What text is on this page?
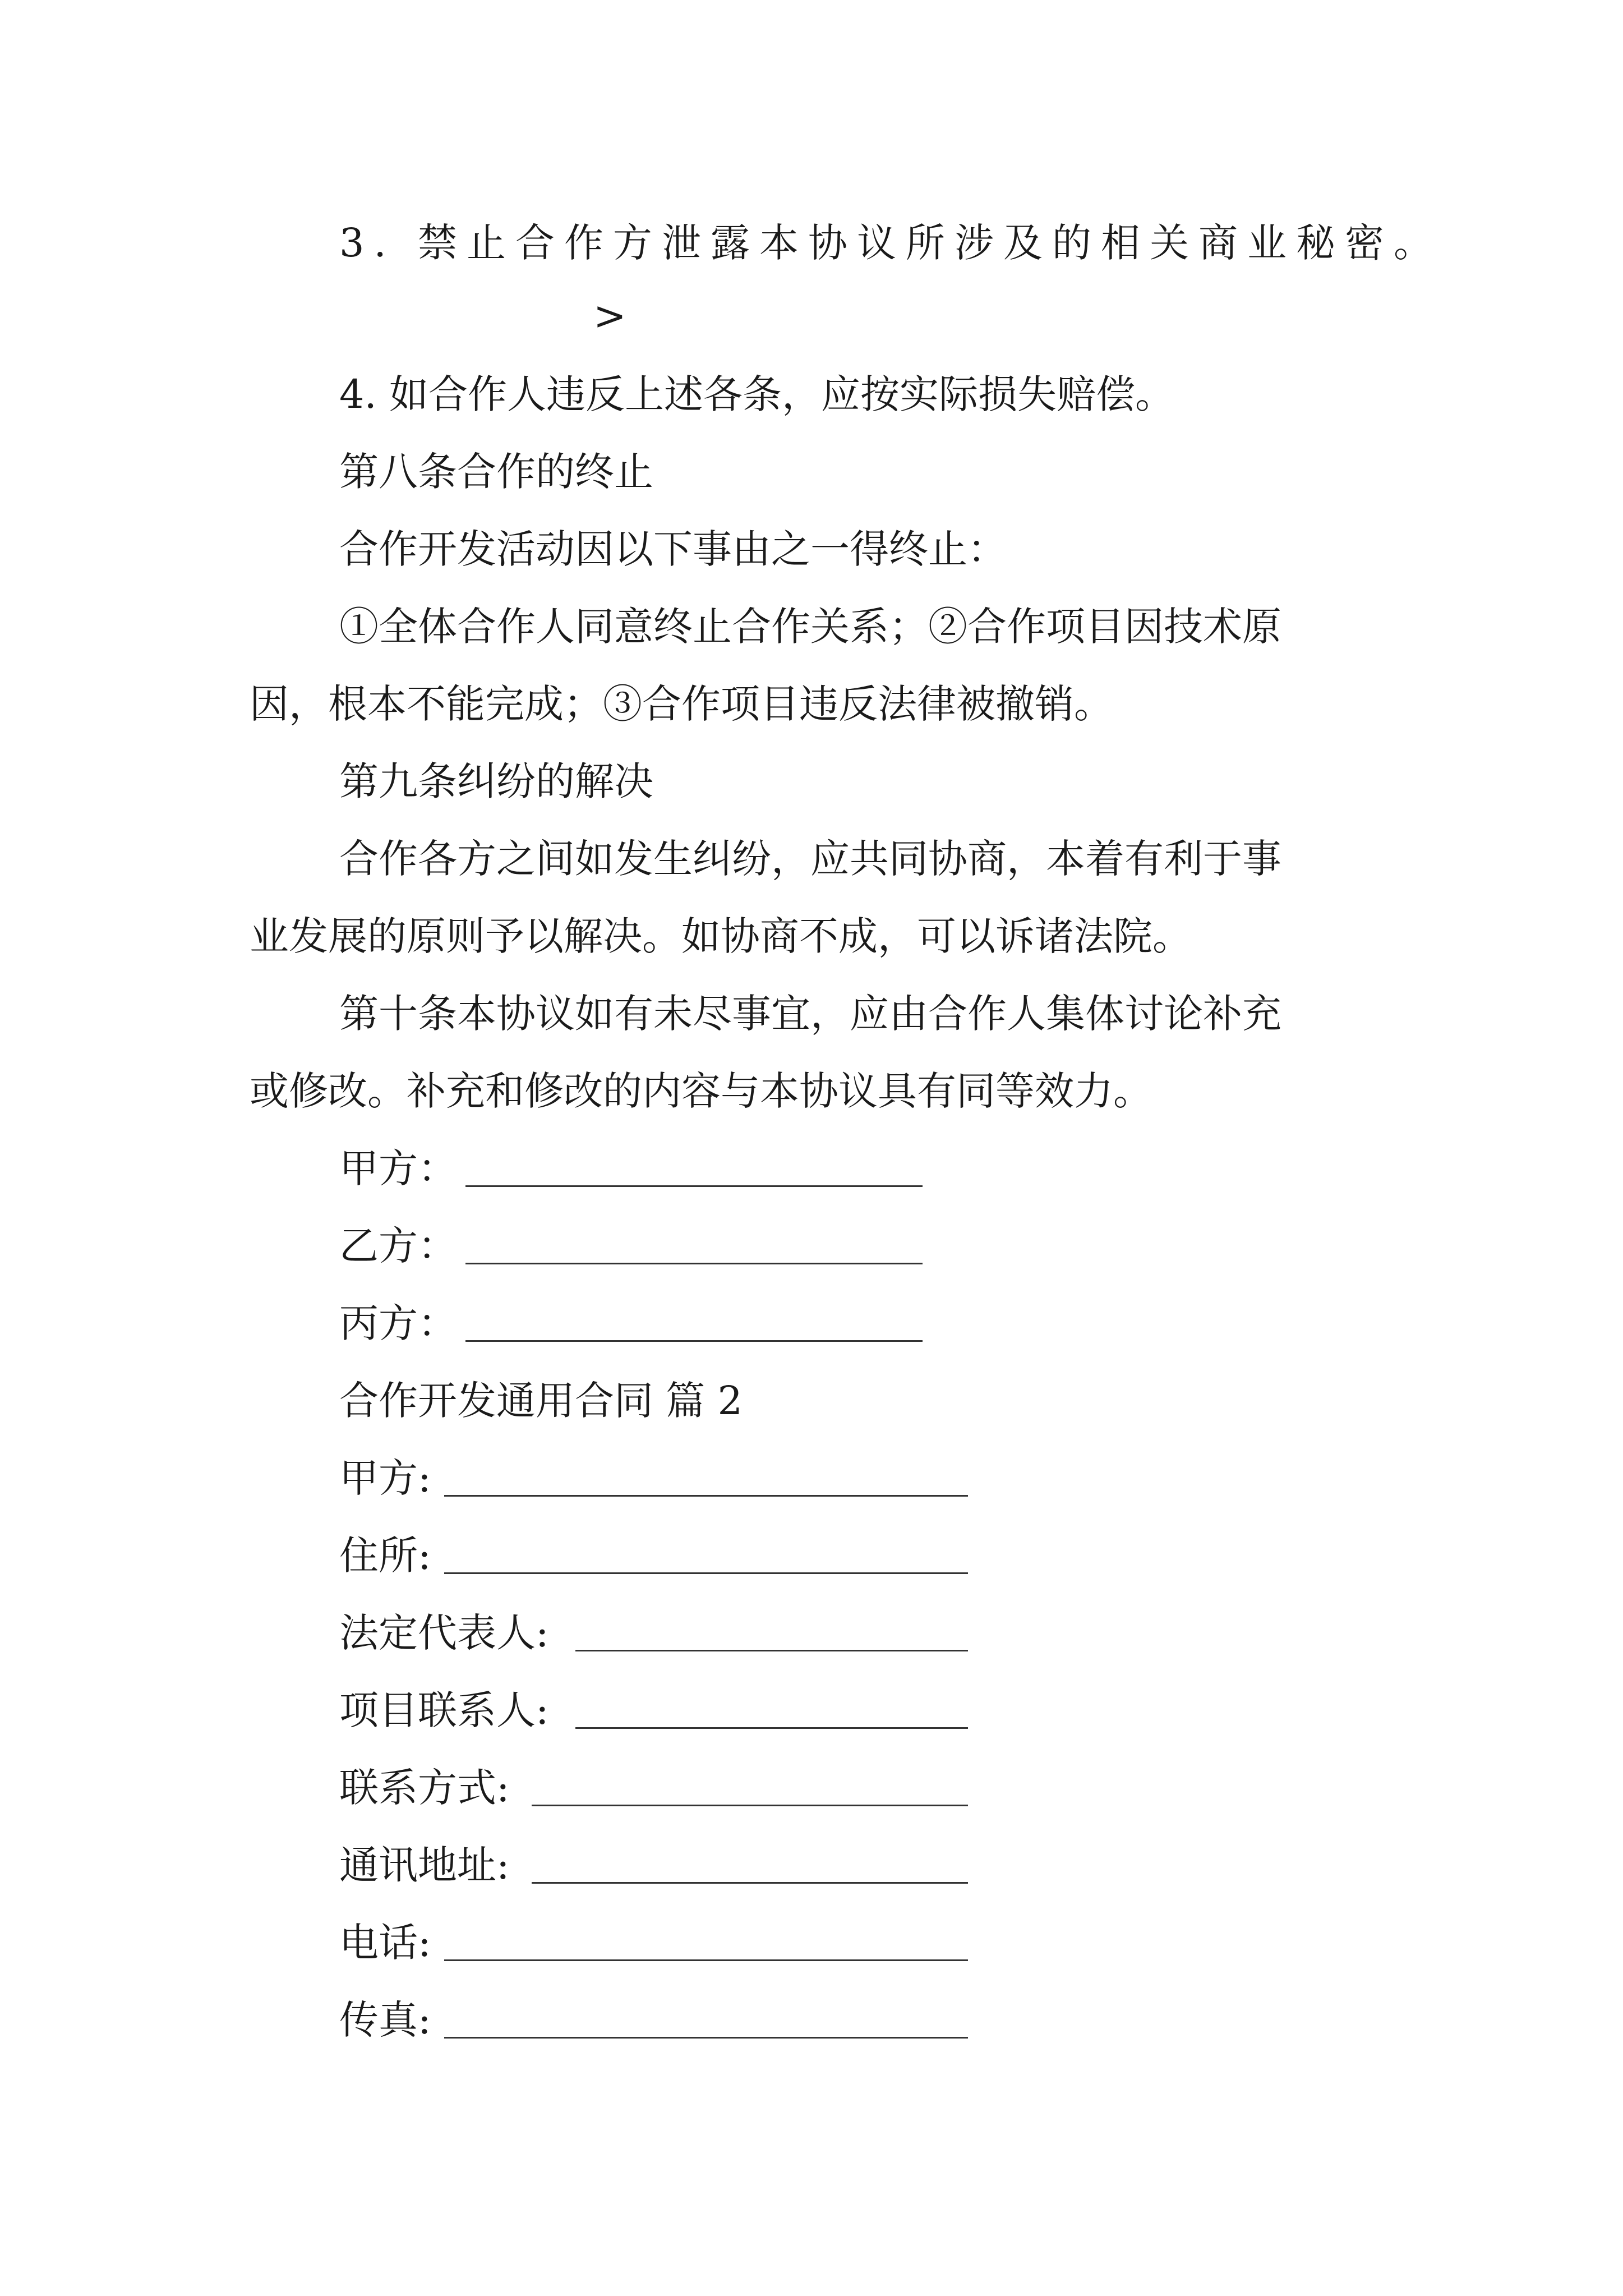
3. 禁止合作方泄露本协议所涉及的相关商业秘密。
>
4. 如合作人违反上述各条，应按实际损失赔偿。
第八条合作的终止
合作开发活动因以下事由之一得终止：
①全体合作人同意终止合作关系；②合作项目因技术原
因，根本不能完成；③合作项目违反法律被撤销。
第九条纠纷的解决
合作各方之间如发生纠纷，应共同协商，本着有利于事
业发展的原则予以解决。如协商不成，可以诉诸法院。
第十条本协议如有未尽事宜，应由合作人集体讨论补充
或修改。补充和修改的内容与本协议具有同等效力。
甲方：
乙方：
丙方：
合作开发通用合同 篇 2
甲方:
住所:
法定代表人:
项目联系人:
联系方式:
通讯地址:
电话:
传真:
